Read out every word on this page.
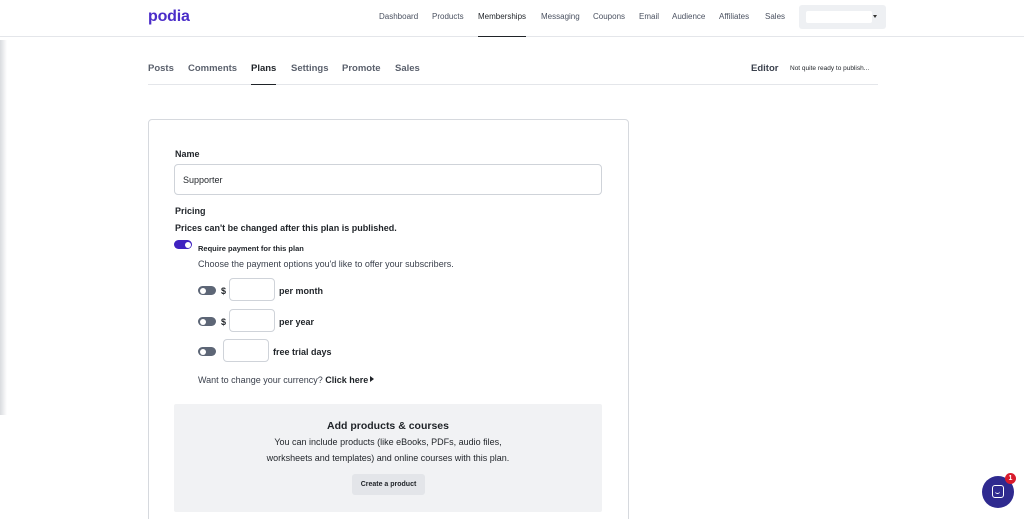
podia	Dashboard Products Memberships Messaging Coupons Email Audience Affiliates Sales
Posts Comments Plans Settings Promote Sales	Editor Not quite ready to publish...
Name
Supporter
Pricing
Prices can't be changed after this plan is published.
Require payment for this plan
Choose the payment options you'd like to offer your subscribers.
$	per month
$	per year
free trial days
Want to change your currency? Click here
Add products & courses
You can include products (like eBooks, PDFs, audio files,
worksheets and templates) and online courses with this plan.
Create a product
1
